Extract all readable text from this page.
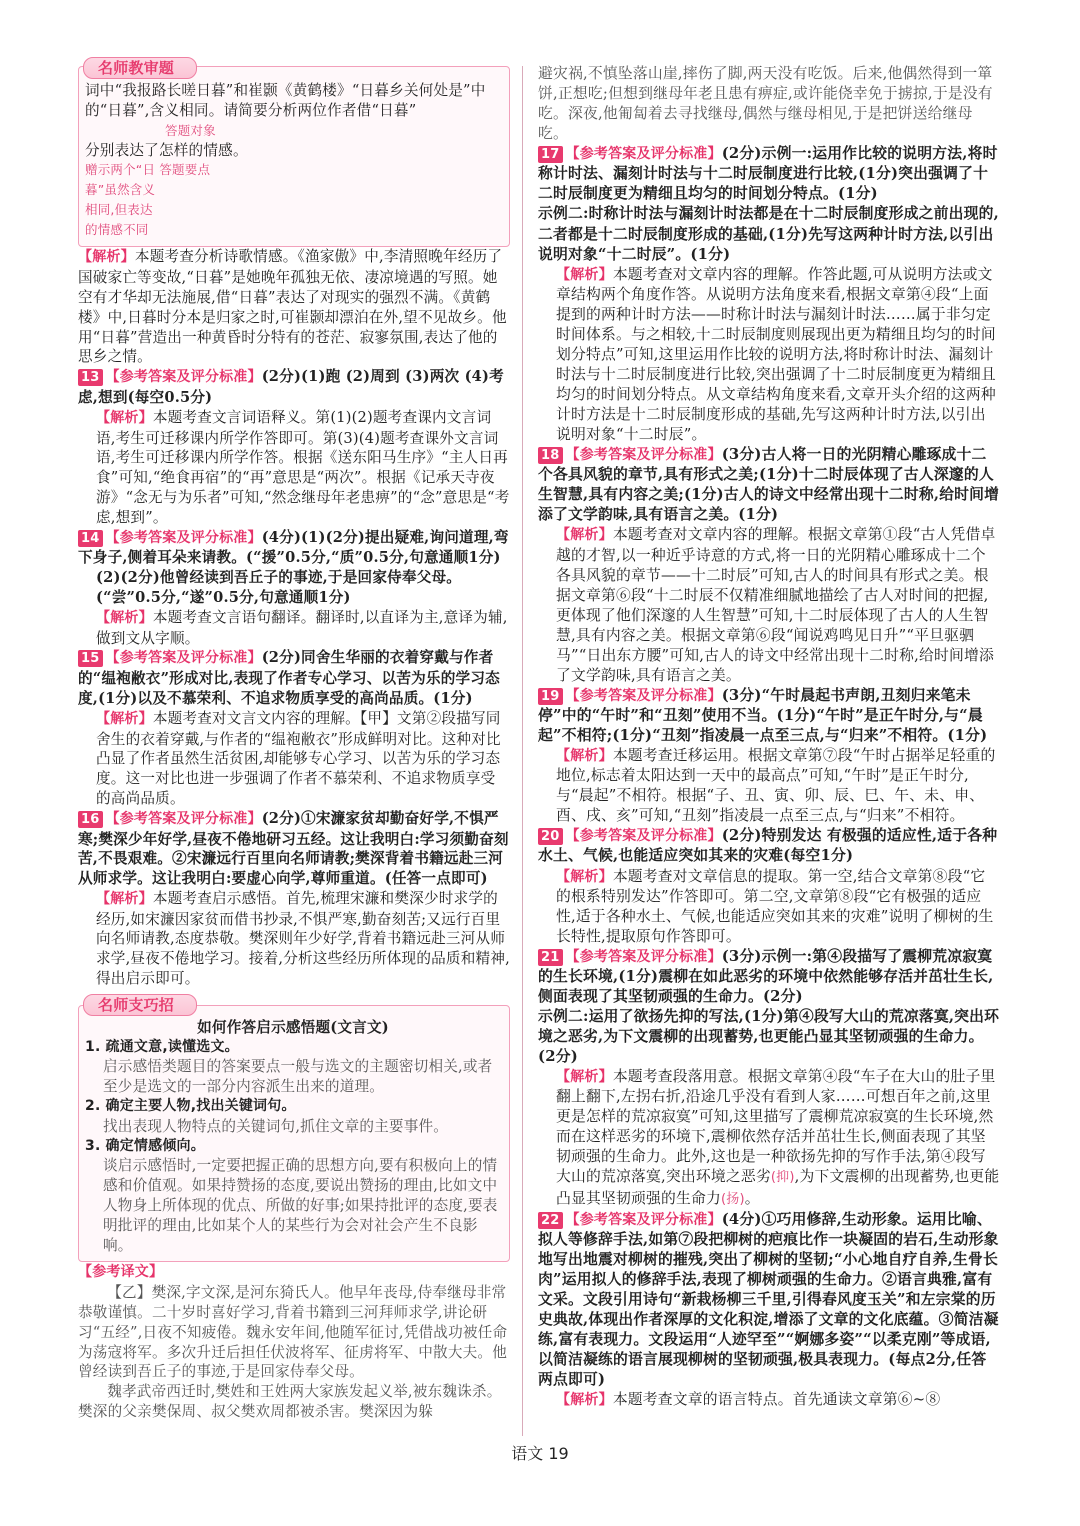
名师教审题

词中“我报路长嗟日暮”和崔颢《黄鹤楼》“日暮乡关何处是”中的“日暮”,含义相同。请简要分析两位作者借“日暮”

答题对象

分别表达了怎样的情感。

赠示两个“日 答题要点
暮”虽然含义
相同,但表达
的情感不同

【解析】本题考查分析诗歌情感。《渔家傲》中,李清照晚年经历了国破家亡等变故,“日暮”是她晚年孤独无依、凄凉境遇的写照。她空有才华却无法施展,借“日暮”表达了对现实的强烈不满。《黄鹤楼》中,日暮时分本是归家之时,可崔颢却漂泊在外,望不见故乡。他用“日暮”营造出一种黄昏时分特有的苍茫、寂寥氛围,表达了他的思乡之情。

13 【参考答案及评分标准】(2分)(1)跑 (2)周到 (3)两次 (4)考虑,想到(每空0.5分)

【解析】本题考查文言词语释义。第(1)(2)题考查课内文言词语,考生可迁移课内所学作答即可。第(3)(4)题考查课外文言词语,考生可迁移课内所学作答。根据《送东阳马生序》“主人日再食”可知,“绝食再宿”的“再”意思是“两次”。根据《记承天寺夜游》“念无与为乐者”可知,“然念继母年老患痹”的“念”意思是“考虑,想到”。

14 【参考答案及评分标准】(4分)(1)(2分)提出疑难,询问道理,弯下身子,侧着耳朵来请教。(“援”0.5分,“质”0.5分,句意通顺1分)

(2)(2分)他曾经读到吾丘子的事迹,于是回家侍奉父母。(“尝”0.5分,“遂”0.5分,句意通顺1分)

【解析】本题考查文言语句翻译。翻译时,以直译为主,意译为辅,做到文从字顺。

15 【参考答案及评分标准】(2分)同舍生华丽的衣着穿戴与作者的“缊袍敝衣”形成对比,表现了作者专心学习、以苦为乐的学习态度,(1分)以及不慕荣利、不追求物质享受的高尚品质。(1分)

【解析】本题考查对文言文内容的理解。【甲】文第②段描写同舍生的衣着穿戴,与作者的“缊袍敝衣”形成鲜明对比。这种对比凸显了作者虽然生活贫困,却能够专心学习、以苦为乐的学习态度。这一对比也进一步强调了作者不慕荣利、不追求物质享受的高尚品质。

16 【参考答案及评分标准】(2分)①宋濂家贫却勤奋好学,不惧严寒;樊深少年好学,昼夜不倦地研习五经。这让我明白:学习须勤奋刻苦,不畏艰难。②宋濂远行百里向名师请教;樊深背着书籍远赴三河从师求学。这让我明白:要虚心向学,尊师重道。(任答一点即可)

【解析】本题考查启示感悟。首先,梳理宋濂和樊深少时求学的经历,如宋濂因家贫而借书抄录,不惧严寒,勤奋刻苦;又远行百里向名师请教,态度恭敬。樊深则年少好学,背着书籍远赴三河从师求学,昼夜不倦地学习。接着,分析这些经历所体现的品质和精神,得出启示即可。

名师支巧招

如何作答启示感悟题(文言文)

1. 疏通文意,读懂选文。

启示感悟类题目的答案要点一般与选文的主题密切相关,或者至少是选文的一部分内容派生出来的道理。

2. 确定主要人物,找出关键词句。

找出表现人物特点的关键词句,抓住文章的主要事件。

3. 确定情感倾向。

谈启示感悟时,一定要把握正确的思想方向,要有积极向上的情感和价值观。如果持赞扬的态度,要说出赞扬的理由,比如文中人物身上所体现的优点、所做的好事;如果持批评的态度,要表明批评的理由,比如某个人的某些行为会对社会产生不良影响。

【参考译文】

【乙】樊深,字文深,是河东猗氏人。他早年丧母,侍奉继母非常恭敬谨慎。二十岁时喜好学习,背着书籍到三河拜师求学,讲论研习“五经”,日夜不知疲倦。魏永安年间,他随军征讨,凭借战功被任命为荡寇将军。多次升迁后担任伏波将军、征虏将军、中散大夫。他曾经读到吾丘子的事迹,于是回家侍奉父母。

魏孝武帝西迁时,樊姓和王姓两大家族发起义举,被东魏诛杀。樊深的父亲樊保周、叔父樊欢周都被杀害。樊深因为躲

避灾祸,不慎坠落山崖,摔伤了脚,两天没有吃饭。后来,他偶然得到一箪饼,正想吃;但想到继母年老且患有痹症,或许能侥幸免于掳掠,于是没有吃。深夜,他匍匐着去寻找继母,偶然与继母相见,于是把饼送给继母吃。

17 【参考答案及评分标准】(2分)示例一:运用作比较的说明方法,将时称计时法、漏刻计时法与十二时辰制度进行比较,(1分)突出强调了十二时辰制度更为精细且均匀的时间划分特点。(1分)

示例二:时称计时法与漏刻计时法都是在十二时辰制度形成之前出现的,二者都是十二时辰制度形成的基础,(1分)先写这两种计时方法,以引出说明对象“十二时辰”。(1分)

【解析】本题考查对文章内容的理解。作答此题,可从说明方法或文章结构两个角度作答。从说明方法角度来看,根据文章第④段“上面提到的两种计时方法——时称计时法与漏刻计时法……属于非匀定时间体系。与之相较,十二时辰制度则展现出更为精细且均匀的时间划分特点”可知,这里运用作比较的说明方法,将时称计时法、漏刻计时法与十二时辰制度进行比较,突出强调了十二时辰制度更为精细且均匀的时间划分特点。从文章结构角度来看,文章开头介绍的这两种计时方法是十二时辰制度形成的基础,先写这两种计时方法,以引出说明对象“十二时辰”。

18 【参考答案及评分标准】(3分)古人将一日的光阴精心雕琢成十二个各具风貌的章节,具有形式之美;(1分)十二时辰体现了古人深邃的人生智慧,具有内容之美;(1分)古人的诗文中经常出现十二时称,给时间增添了文学韵味,具有语言之美。(1分)

【解析】本题考查对文章内容的理解。根据文章第①段“古人凭借卓越的才智,以一种近乎诗意的方式,将一日的光阴精心雕琢成十二个各具风貌的章节——十二时辰”可知,古人的时间具有形式之美。根据文章第⑥段“十二时辰不仅精准细腻地描绘了古人对时间的把握,更体现了他们深邃的人生智慧”可知,十二时辰体现了古人的人生智慧,具有内容之美。根据文章第⑥段“闻说鸡鸣见日升”“平旦驱驷马”“日出东方腰”可知,古人的诗文中经常出现十二时称,给时间增添了文学韵味,具有语言之美。

19 【参考答案及评分标准】(3分)“午时晨起书声朗,丑刻归来笔未停”中的“午时”和“丑刻”使用不当。(1分)“午时”是正午时分,与“晨起”不相符;(1分)“丑刻”指凌晨一点至三点,与“归来”不相符。(1分)

【解析】本题考查迁移运用。根据文章第⑦段“午时占据举足轻重的地位,标志着太阳达到一天中的最高点”可知,“午时”是正午时分,与“晨起”不相符。根据“子、丑、寅、卯、辰、巳、午、未、申、酉、戌、亥”可知,“丑刻”指凌晨一点至三点,与“归来”不相符。

20 【参考答案及评分标准】(2分)特别发达 有极强的适应性,适于各种水土、气候,也能适应突如其来的灾难(每空1分)

【解析】本题考查对文章信息的提取。第一空,结合文章第⑧段“它的根系特别发达”作答即可。第二空,文章第⑧段“它有极强的适应性,适于各种水土、气候,也能适应突如其来的灾难”说明了柳树的生长特性,提取原句作答即可。

21 【参考答案及评分标准】(3分)示例一:第④段描写了震柳荒凉寂寞的生长环境,(1分)震柳在如此恶劣的环境中依然能够存活并茁壮生长,侧面表现了其坚韧顽强的生命力。(2分)

示例二:运用了欲扬先抑的写法,(1分)第④段写大山的荒凉落寞,突出环境之恶劣,为下文震柳的出现蓄势,也更能凸显其坚韧顽强的生命力。(2分)

【解析】本题考查段落用意。根据文章第④段“车子在大山的肚子里翻上翻下,左拐右折,沿途几乎没有看到人家……可想百年之前,这里更是怎样的荒凉寂寞”可知,这里描写了震柳荒凉寂寞的生长环境,然而在这样恶劣的环境下,震柳依然存活并茁壮生长,侧面表现了其坚韧顽强的生命力。此外,这也是一种欲扬先抑的写作手法,第④段写大山的荒凉落寞,突出环境之恶劣(抑),为下文震柳的出现蓄势,也更能凸显其坚韧顽强的生命力(扬)。

22 【参考答案及评分标准】(4分)①巧用修辞,生动形象。运用比喻、拟人等修辞手法,如第⑦段把柳树的疤痕比作一块凝固的岩石,生动形象地写出地震对柳树的摧残,突出了柳树的坚韧;“小心地自疗自养,生骨长肉”运用拟人的修辞手法,表现了柳树顽强的生命力。②语言典雅,富有文采。文段引用诗句“新栽杨柳三千里,引得春风度玉关”和左宗棠的历史典故,体现出作者深厚的文化积淀,增添了文章的文化底蕴。③简洁凝练,富有表现力。文段运用“人迹罕至”“婀娜多姿”“以柔克刚”等成语,以简洁凝练的语言展现柳树的坚韧顽强,极具表现力。(每点2分,任答两点即可)

【解析】本题考查文章的语言特点。首先通读文章第⑥~⑧

语文 19
